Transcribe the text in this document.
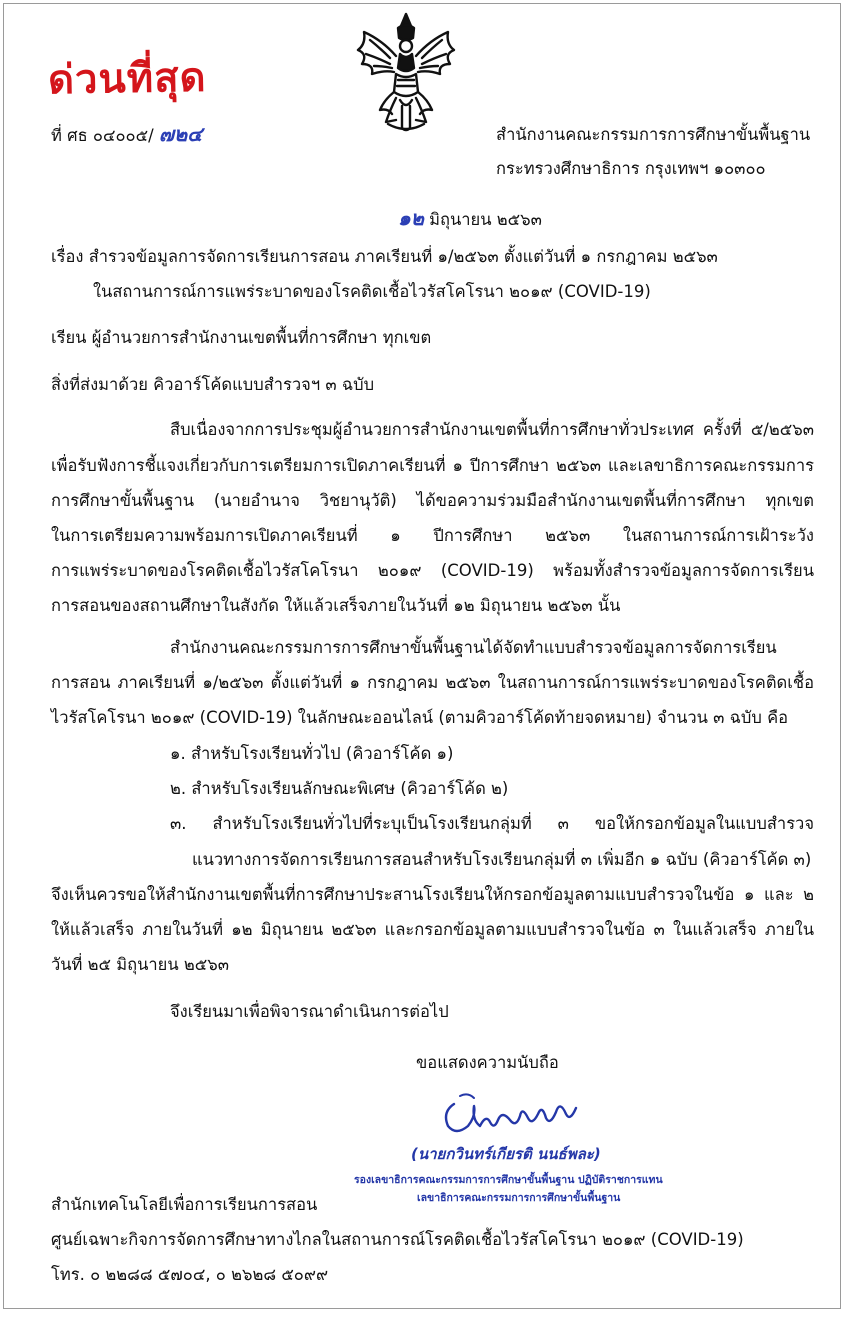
ด่วนที่สุด
ที่ ศธ ๐๔๐๐๕/ ๗๒๔	สำนักงานคณะกรรมการการศึกษาขั้นพื้นฐาน
กระทรวงศึกษาธิการ กรุงเทพฯ ๑๐๓๐๐
๑๒ มิถุนายน ๒๕๖๓
เรื่อง สำรวจข้อมูลการจัดการเรียนการสอน ภาคเรียนที่ ๑/๒๕๖๓ ตั้งแต่วันที่ ๑ กรกฎาคม ๒๕๖๓
ในสถานการณ์การแพร่ระบาดของโรคติดเชื้อไวรัสโคโรนา ๒๐๑๙ (COVID-19)
เรียน ผู้อำนวยการสำนักงานเขตพื้นที่การศึกษา ทุกเขต
สิ่งที่ส่งมาด้วย คิวอาร์โค้ดแบบสำรวจฯ ๓ ฉบับ
สืบเนื่องจากการประชุมผู้อำนวยการสำนักงานเขตพื้นที่การศึกษาทั่วประเทศ ครั้งที่ ๕/๒๕๖๓
เพื่อรับฟังการชี้แจงเกี่ยวกับการเตรียมการเปิดภาคเรียนที่ ๑ ปีการศึกษา ๒๕๖๓ และเลขาธิการคณะกรรมการ
การศึกษาขั้นพื้นฐาน (นายอำนาจ วิชยานุวัติ) ได้ขอความร่วมมือสำนักงานเขตพื้นที่การศึกษา ทุกเขต
ในการเตรียมความพร้อมการเปิดภาคเรียนที่ ๑ ปีการศึกษา ๒๕๖๓ ในสถานการณ์การเฝ้าระวัง
การแพร่ระบาดของโรคติดเชื้อไวรัสโคโรนา ๒๐๑๙ (COVID-19) พร้อมทั้งสำรวจข้อมูลการจัดการเรียน
การสอนของสถานศึกษาในสังกัด ให้แล้วเสร็จภายในวันที่ ๑๒ มิถุนายน ๒๕๖๓ นั้น
สำนักงานคณะกรรมการการศึกษาขั้นพื้นฐานได้จัดทำแบบสำรวจข้อมูลการจัดการเรียน
การสอน ภาคเรียนที่ ๑/๒๕๖๓ ตั้งแต่วันที่ ๑ กรกฎาคม ๒๕๖๓ ในสถานการณ์การแพร่ระบาดของโรคติดเชื้อ
ไวรัสโคโรนา ๒๐๑๙ (COVID-19) ในลักษณะออนไลน์ (ตามคิวอาร์โค้ดท้ายจดหมาย) จำนวน ๓ ฉบับ คือ
๑. สำหรับโรงเรียนทั่วไป (คิวอาร์โค้ด ๑)
๒. สำหรับโรงเรียนลักษณะพิเศษ (คิวอาร์โค้ด ๒)
๓. สำหรับโรงเรียนทั่วไปที่ระบุเป็นโรงเรียนกลุ่มที่ ๓ ขอให้กรอกข้อมูลในแบบสำรวจ
แนวทางการจัดการเรียนการสอนสำหรับโรงเรียนกลุ่มที่ ๓ เพิ่มอีก ๑ ฉบับ (คิวอาร์โค้ด ๓)
จึงเห็นควรขอให้สำนักงานเขตพื้นที่การศึกษาประสานโรงเรียนให้กรอกข้อมูลตามแบบสำรวจในข้อ ๑ และ ๒
ให้แล้วเสร็จ ภายในวันที่ ๑๒ มิถุนายน ๒๕๖๓ และกรอกข้อมูลตามแบบสำรวจในข้อ ๓ ในแล้วเสร็จ ภายใน
วันที่ ๒๕ มิถุนายน ๒๕๖๓
จึงเรียนมาเพื่อพิจารณาดำเนินการต่อไป
ขอแสดงความนับถือ
(นายกวินทร์เกียรติ นนธ์พละ)
รองเลขาธิการคณะกรรมการการศึกษาขั้นพื้นฐาน ปฏิบัติราชการแทน
เลขาธิการคณะกรรมการการศึกษาขั้นพื้นฐาน
สำนักเทคโนโลยีเพื่อการเรียนการสอน
ศูนย์เฉพาะกิจการจัดการศึกษาทางไกลในสถานการณ์โรคติดเชื้อไวรัสโคโรนา ๒๐๑๙ (COVID-19)
โทร. ๐ ๒๒๘๘ ๕๗๐๔, ๐ ๒๖๒๘ ๕๐๙๙
